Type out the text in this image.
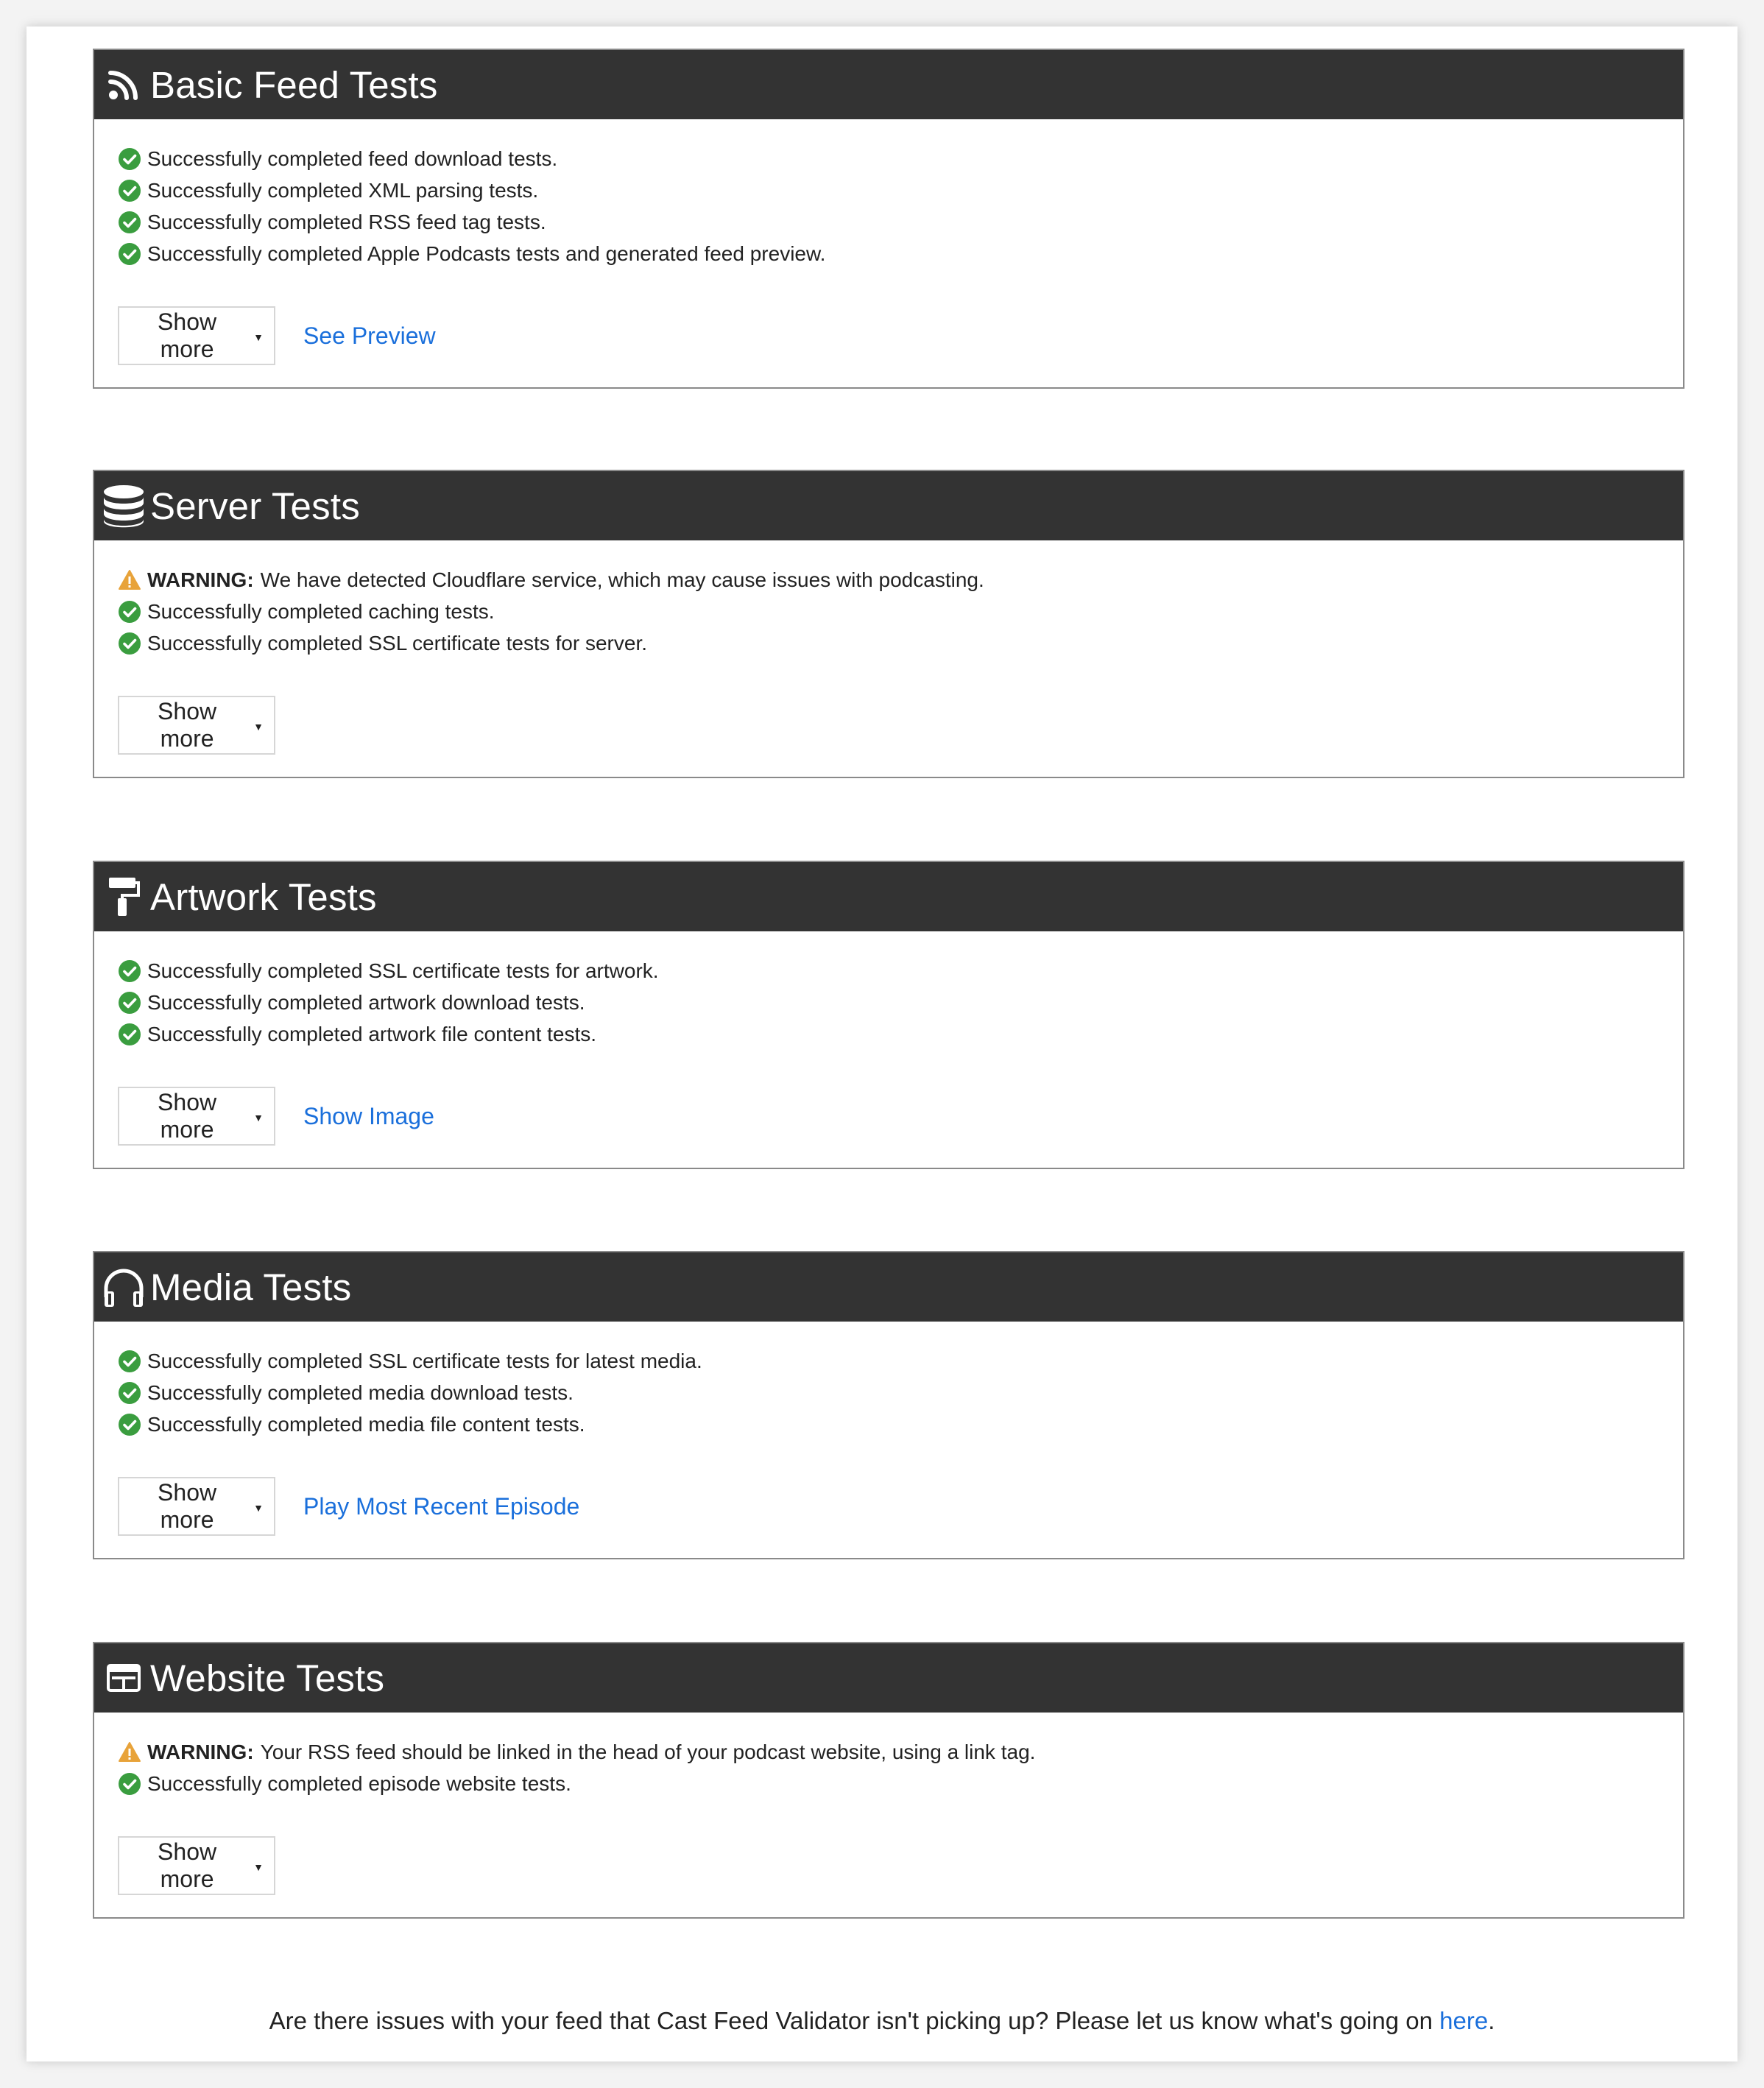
Basic Feed Tests
Successfully completed feed download tests.
Successfully completed XML parsing tests.
Successfully completed RSS feed tag tests.
Successfully completed Apple Podcasts tests and generated feed preview.
Show more	▼ See Preview
Server Tests
WARNING: We have detected Cloudflare service, which may cause issues with podcasting.
Successfully completed caching tests.
Successfully completed SSL certificate tests for server.
Show more	▼
Artwork Tests
Successfully completed SSL certificate tests for artwork.
Successfully completed artwork download tests.
Successfully completed artwork file content tests.
Show more	▼ Show Image
Media Tests
Successfully completed SSL certificate tests for latest media.
Successfully completed media download tests.
Successfully completed media file content tests.
Show more	▼ Play Most Recent Episode
Website Tests
WARNING: Your RSS feed should be linked in the head of your podcast website, using a link tag.
Successfully completed episode website tests.
Show more	▼
Are there issues with your feed that Cast Feed Validator isn't picking up? Please let us know what's going on here.
